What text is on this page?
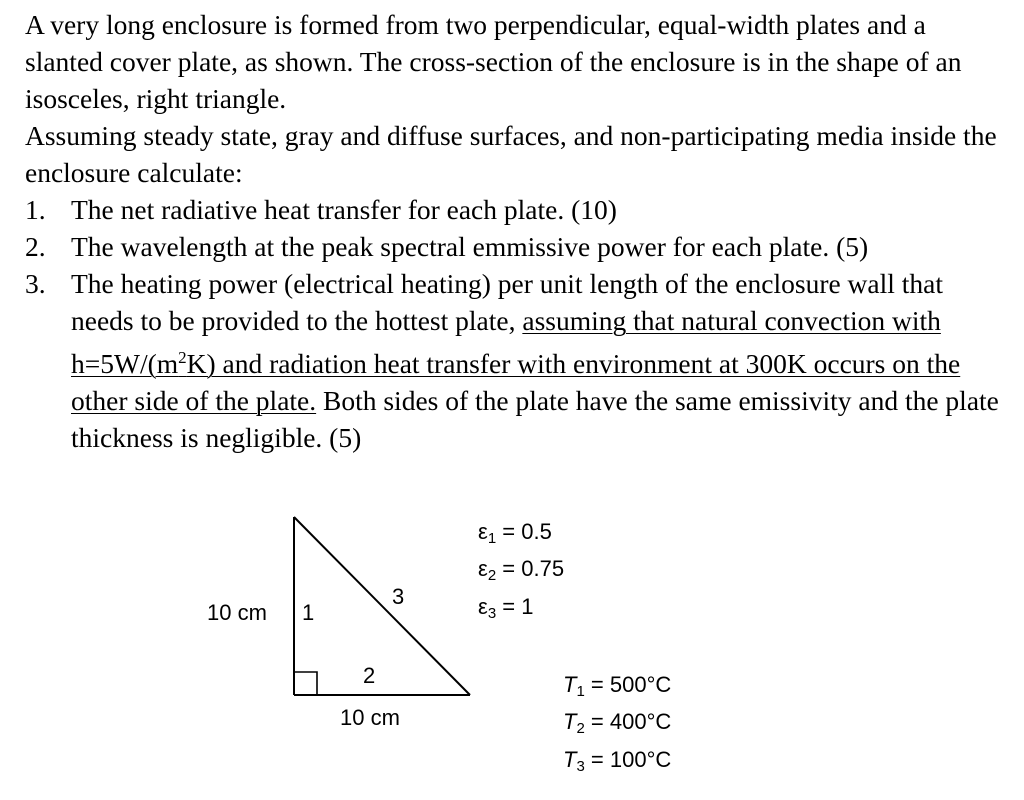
A very long enclosure is formed from two perpendicular, equal-width plates and a slanted cover plate, as shown. The cross-section of the enclosure is in the shape of an isosceles, right triangle.

Assuming steady state, gray and diffuse surfaces, and non-participating media inside the enclosure calculate:

1. The net radiative heat transfer for each plate. (10)
2. The wavelength at the peak spectral emmissive power for each plate. (5)
3. The heating power (electrical heating) per unit length of the enclosure wall that needs to be provided to the hottest plate, assuming that natural convection with $h=5W/(m^2K)$ and radiation heat transfer with environment at 300K occurs on the other side of the plate. Both sides of the plate have the same emissivity and the plate thickness is negligible. (5)
10 cm 1
3
2
10 cm
$\varepsilon_1 = 0.5$
$\varepsilon_2 = 0.75$
$\varepsilon_3 = 1$
$T_1 = 500^\circ C$
$T_2 = 400^\circ C$
$T_3 = 100^\circ C$
